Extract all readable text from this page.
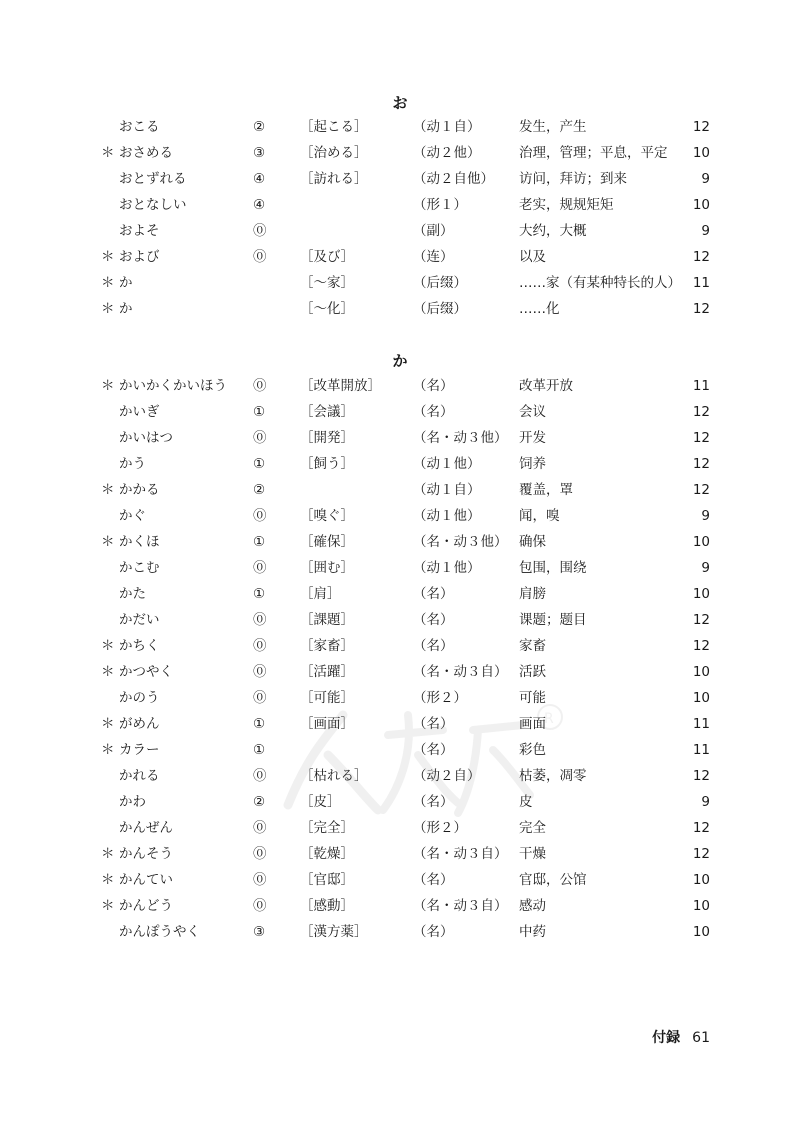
お
おこる	②	［起こる］	（动１自）	发生，产生	12
＊ おさめる	③	［治める］	（动２他）	治理，管理；平息，平定 10
おとずれる	④	［訪れる］	（动２自他） 访问，拜访；到来	9
おとなしい	④	（形１）	老实，规规矩矩	10
およそ	⓪	（副）	大约，大概	9
＊ および	⓪ ［及び］	（连）	以及	12
＊ か	［～家］	（后缀）	……家（有某种特长的人） 11
＊ か	［～化］	（后缀）	……化	12
か
＊ かいかくかいほう ⓪ ［改革開放］ （名）	改革开放	11
かいぎ	①	［会議］	（名）	会议	12
かいはつ	⓪ ［開発］	（名・动３他） 开发	12
かう	①	［飼う］	（动１他）	饲养	12
＊ かかる	②	（动１自）	覆盖，罩	12
かぐ	⓪ ［嗅ぐ］	（动１他）	闻，嗅	9
＊ かくほ	①	［確保］	（名・动３他） 确保	10
かこむ	⓪ ［囲む］	（动１他）	包围，围绕	9
かた	①	［肩］	（名）	肩膀	10
かだい	⓪ ［課題］	（名）	课题；题目	12
＊ かちく	⓪ ［家畜］	（名）	家畜	12
＊ かつやく	⓪ ［活躍］	（名・动３自） 活跃	10
かのう	⓪ ［可能］	（形２）	可能	10
＊ がめん	①	［画面］	（名）	画面	11
＊ カラー	①	（名）	彩色	11
かれる	⓪ ［枯れる］	（动２自）	枯萎，凋零	12
かわ	②	［皮］	（名）	皮	9
かんぜん	⓪ ［完全］	（形２）	完全	12
＊ かんそう	⓪ ［乾燥］	（名・动３自） 干燥	12
＊ かんてい	⓪ ［官邸］	（名）	官邸，公馆	10
＊ かんどう	⓪ ［感動］	（名・动３自） 感动	10
かんぽうやく	③	［漢方薬］	（名）	中药	10
R
付録 61
